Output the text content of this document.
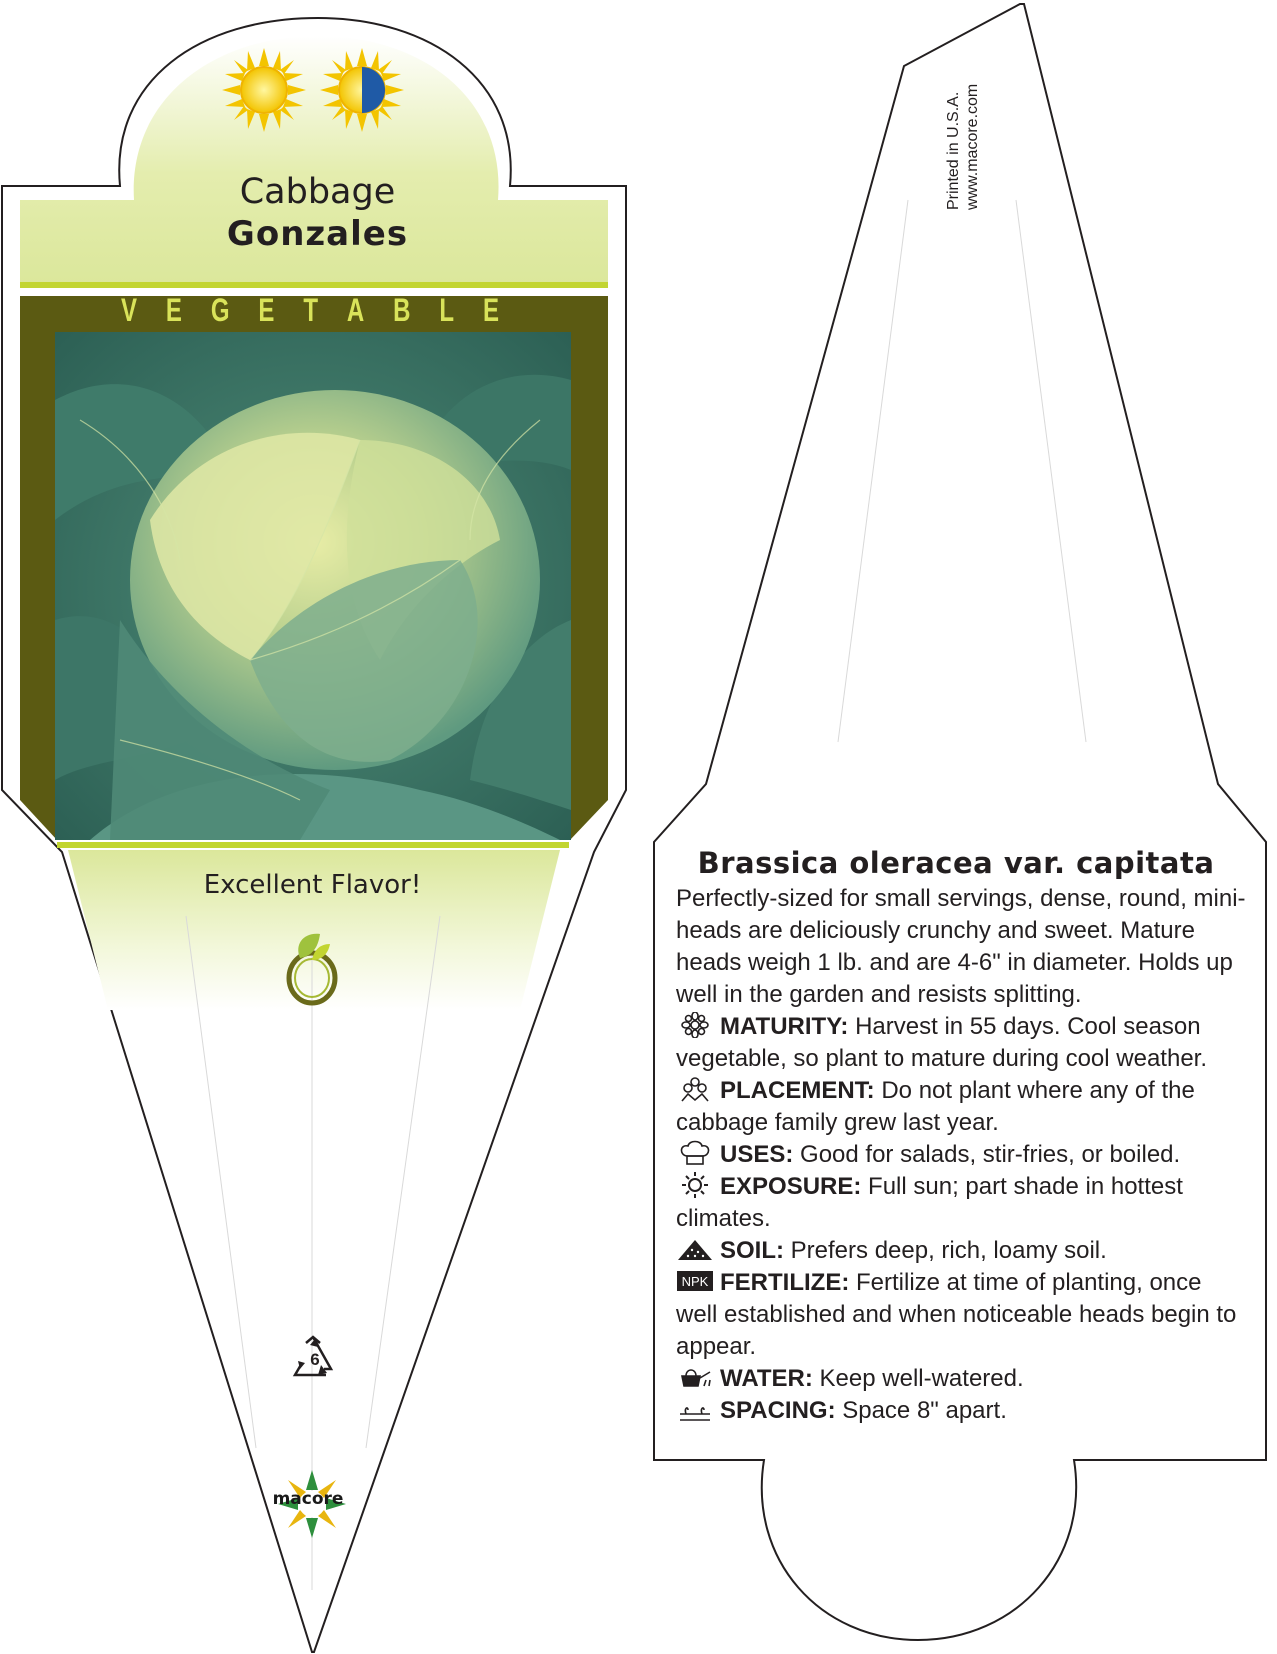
Cabbage
Gonzales
V E G E T A B L E
Excellent Flavor!
6
macore
Printed in U.S.A. www.macore.com
Brassica oleracea var. capitata
Perfectly-sized for small servings, dense, round, mini-heads are deliciously crunchy and sweet. Mature heads weigh 1 lb. and are 4-6" in diameter. Holds up well in the garden and resists splitting.
MATURITY: Harvest in 55 days. Cool season vegetable, so plant to mature during cool weather.
PLACEMENT: Do not plant where any of the cabbage family grew last year.
USES: Good for salads, stir-fries, or boiled.
EXPOSURE: Full sun; part shade in hottest climates.
SOIL: Prefers deep, rich, loamy soil.
NPK FERTILIZE: Fertilize at time of planting, once well established and when noticeable heads begin to appear.
WATER: Keep well-watered.
SPACING: Space 8" apart.
